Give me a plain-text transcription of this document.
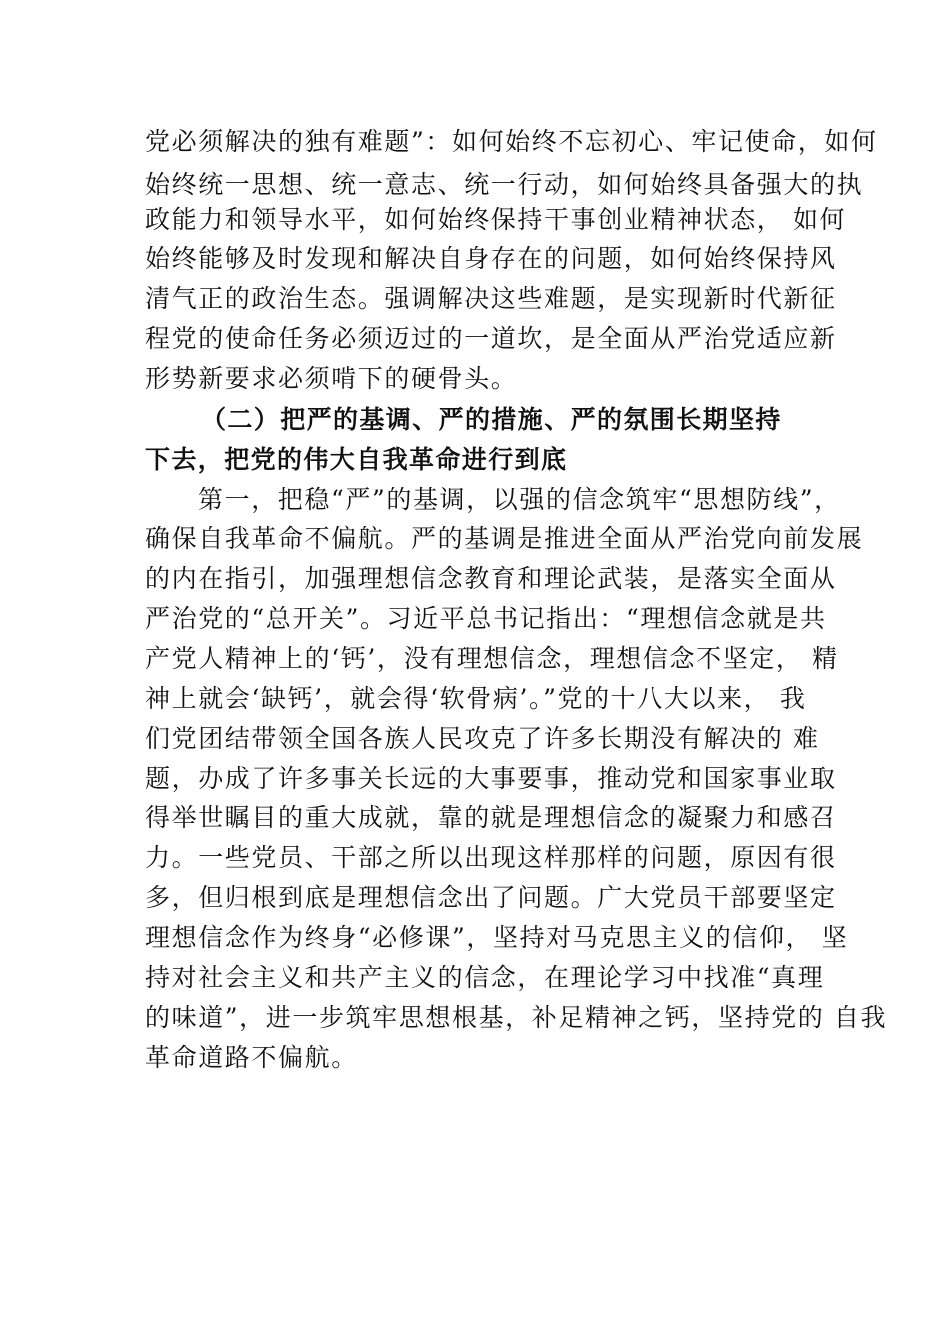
党必须解决的独有难题”：如何始终不忘初心、牢记使命，如何
始终统一思想、统一意志、统一行动，如何始终具备强大的执
政能力和领导水平，如何始终保持干事创业精神状态， 如何
始终能够及时发现和解决自身存在的问题，如何始终保持风
清气正的政治生态。强调解决这些难题，是实现新时代新征
程党的使命任务必须迈过的一道坎，是全面从严治党适应新
形势新要求必须啃下的硬骨头。
（二）把严的基调、严的措施、严的氛围长期坚持
下去，把党的伟大自我革命进行到底
第一，把稳“严”的基调，以强的信念筑牢“思想防线”，
确保自我革命不偏航。严的基调是推进全面从严治党向前发展
的内在指引，加强理想信念教育和理论武装，是落实全面从
严治党的“总开关”。习近平总书记指出：“理想信念就是共
产党人精神上的‘钙’，没有理想信念，理想信念不坚定， 精
神上就会‘缺钙’，就会得‘软骨病’。”党的十八大以来， 我
们党团结带领全国各族人民攻克了许多长期没有解决的 难
题，办成了许多事关长远的大事要事，推动党和国家事业取
得举世瞩目的重大成就，靠的就是理想信念的凝聚力和感召
力。一些党员、干部之所以出现这样那样的问题，原因有很
多，但归根到底是理想信念出了问题。广大党员干部要坚定
理想信念作为终身“必修课”，坚持对马克思主义的信仰， 坚
持对社会主义和共产主义的信念，在理论学习中找准“真理
的味道”，进一步筑牢思想根基，补足精神之钙，坚持党的 自我
革命道路不偏航。
